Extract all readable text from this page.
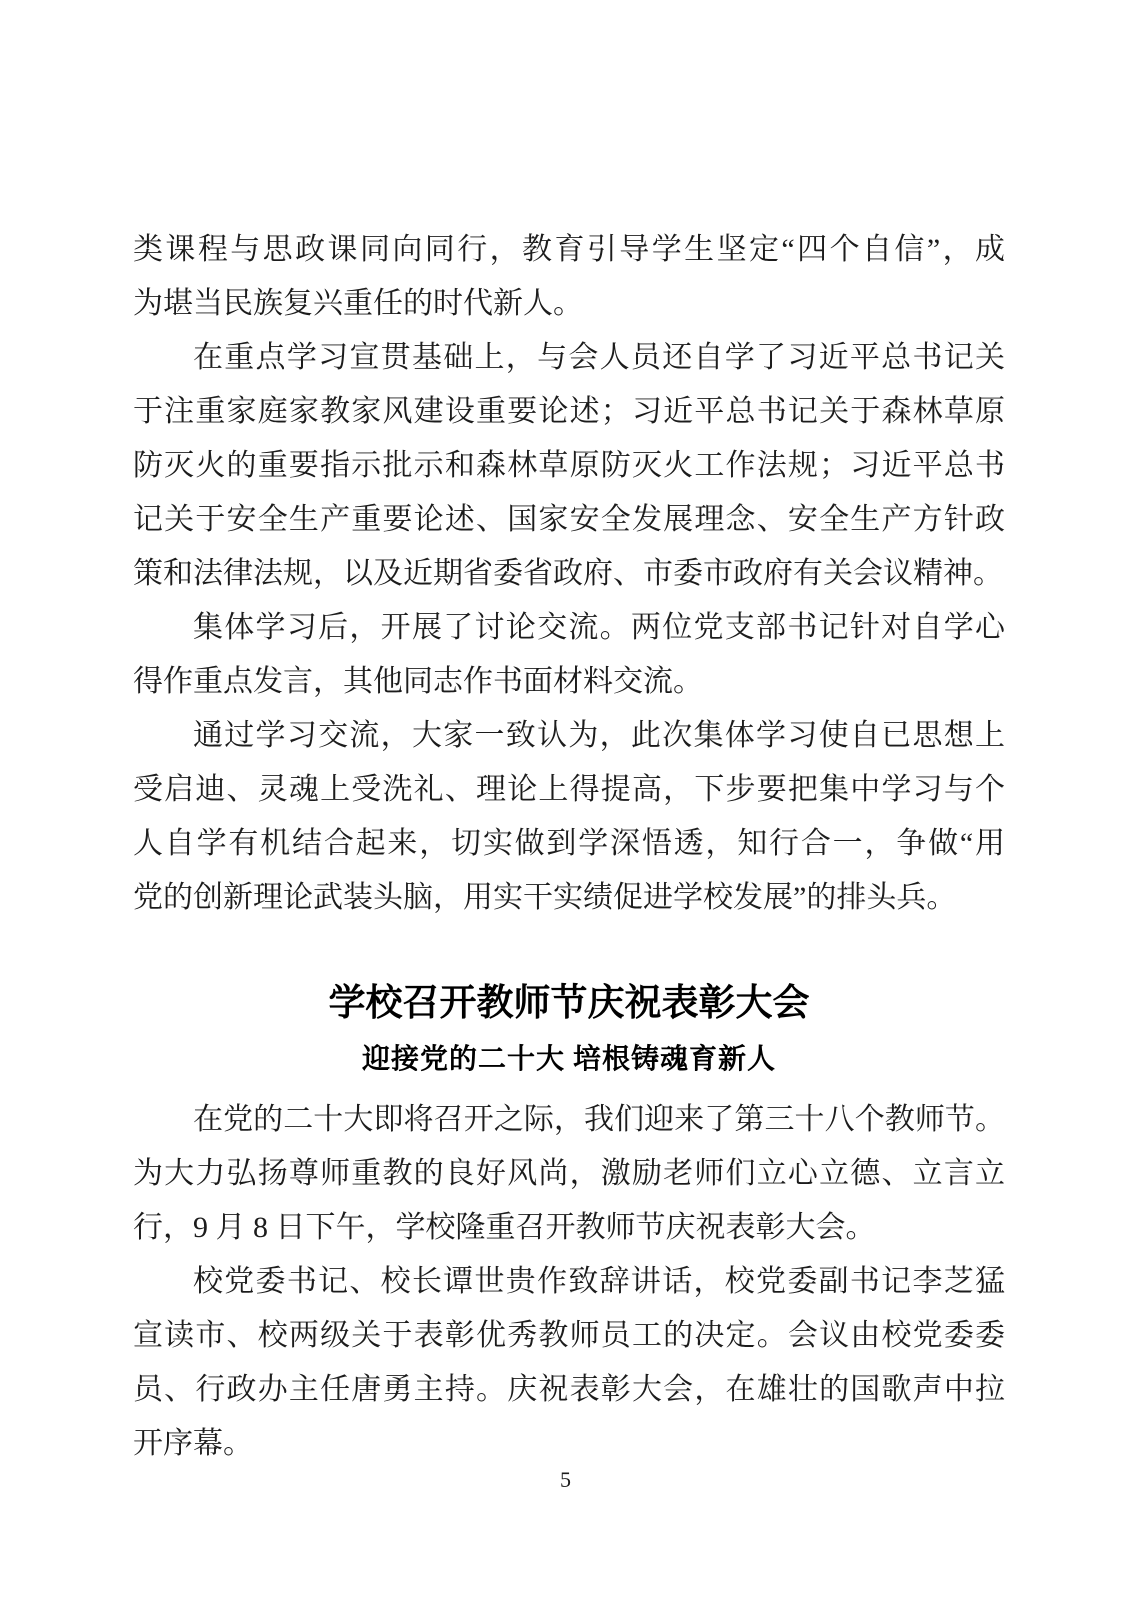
类课程与思政课同向同行，教育引导学生坚定“四个自信”，成
为堪当民族复兴重任的时代新人。
在重点学习宣贯基础上，与会人员还自学了习近平总书记关
于注重家庭家教家风建设重要论述；习近平总书记关于森林草原
防灭火的重要指示批示和森林草原防灭火工作法规；习近平总书
记关于安全生产重要论述、国家安全发展理念、安全生产方针政
策和法律法规，以及近期省委省政府、市委市政府有关会议精神。
集体学习后，开展了讨论交流。两位党支部书记针对自学心
得作重点发言，其他同志作书面材料交流。
通过学习交流，大家一致认为，此次集体学习使自已思想上
受启迪、灵魂上受洗礼、理论上得提高，下步要把集中学习与个
人自学有机结合起来，切实做到学深悟透，知行合一，争做“用
党的创新理论武装头脑，用实干实绩促进学校发展”的排头兵。
学校召开教师节庆祝表彰大会
迎接党的二十大 培根铸魂育新人
在党的二十大即将召开之际，我们迎来了第三十八个教师节。
为大力弘扬尊师重教的良好风尚，激励老师们立心立德、立言立
行，9 月 8 日下午，学校隆重召开教师节庆祝表彰大会。
校党委书记、校长谭世贵作致辞讲话，校党委副书记李芝猛
宣读市、校两级关于表彰优秀教师员工的决定。会议由校党委委
员、行政办主任唐勇主持。庆祝表彰大会，在雄壮的国歌声中拉
开序幕。
5
